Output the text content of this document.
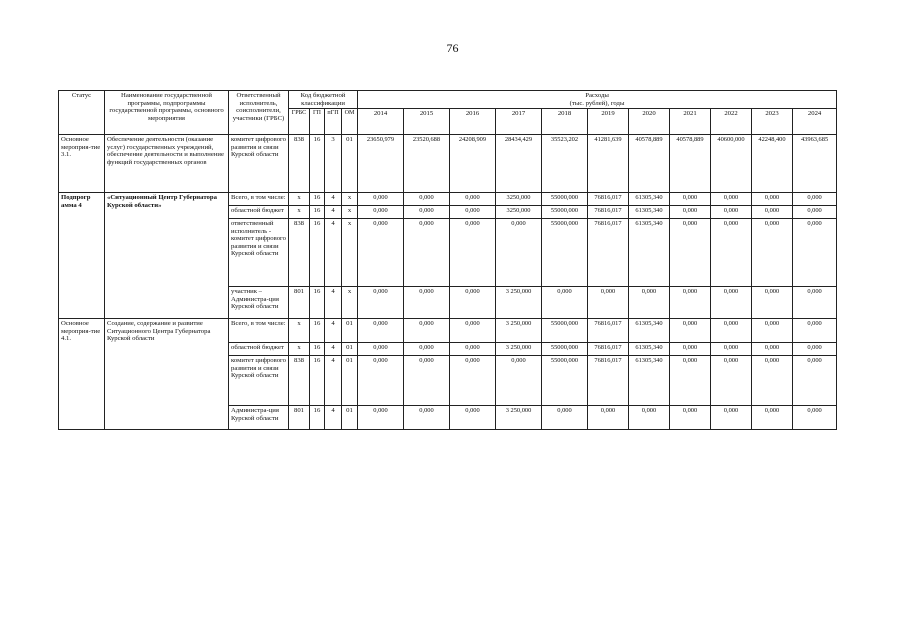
76
Статус	Наименование государственной программы, подпрограммы государственной программы, основного мероприятия	Ответственный исполнитель, соисполнители, участники (ГРБС)	Код бюджетной классификации				Расходы
(тыс. рублей), годы										

			ГРБС	ГП	пГП	ОМ	2014	2015	2016	2017	2018	2019	2020	2021	2022	2023	2024
Основное мероприя-тие 3.1.	Обеспечение деятельности (оказание услуг) государственных учреждений, обеспечение деятельности и выполнение функций государственных органов	комитет цифрового развития и связи Курской области	838	16	3	01	23650,979	23520,688	24208,909	28434,429	35523,202	41281,639	40578,889	40578,889	40600,000	42248,400	43963,685
Подпрогр амма 4	«Ситуационный Центр Губернатора Курской области»	Всего, в том числе:	х	16	4	х	0,000	0,000	0,000	3250,000	55000,000	76816,017	61305,340	0,000	0,000	0,000	0,000
		областной бюджет	х	16	4	х	0,000	0,000	0,000	3250,000	55000,000	76816,017	61305,340	0,000	0,000	0,000	0,000
		ответственный исполнитель - комитет цифрового развития и связи Курской области	838	16	4	х	0,000	0,000	0,000	0,000	55000,000	76816,017	61305,340	0,000	0,000	0,000	0,000
		участник – Администра-ция Курской области	801	16	4	х	0,000	0,000	0,000	3 250,000	0,000	0,000	0,000	0,000	0,000	0,000	0,000
Основное мероприя-тие 4.1.	Создание, содержание и развитие Ситуационного Центра Губернатора Курской области	Всего, в том числе:	х	16	4	01	0,000	0,000	0,000	3 250,000	55000,000	76816,017	61305,340	0,000	0,000	0,000	0,000
		областной бюджет	х	16	4	01	0,000	0,000	0,000	3 250,000	55000,000	76816,017	61305,340	0,000	0,000	0,000	0,000
		комитет цифрового развития и связи Курской области	838	16	4	01	0,000	0,000	0,000	0,000	55000,000	76816,017	61305,340	0,000	0,000	0,000	0,000
		Администра-ция Курской области	801	16	4	01	0,000	0,000	0,000	3 250,000	0,000	0,000	0,000	0,000	0,000	0,000	0,000
